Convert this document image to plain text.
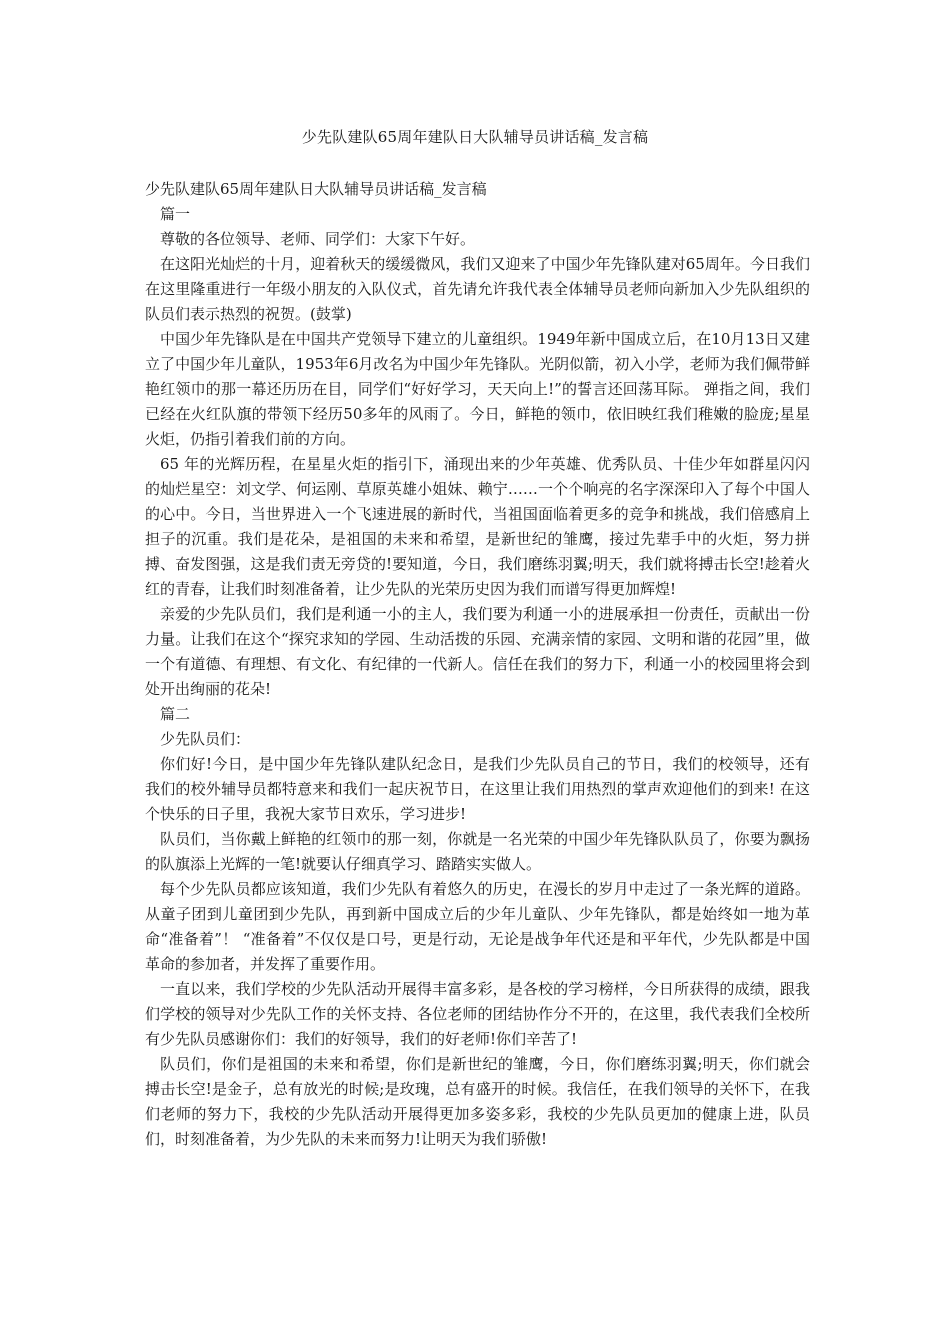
少先队建队65周年建队日大队辅导员讲话稿_发言稿

少先队建队65周年建队日大队辅导员讲话稿_发言稿

篇一

尊敬的各位领导、老师、同学们：大家下午好。

在这阳光灿烂的十月，迎着秋天的缓缓微风，我们又迎来了中国少年先锋队建对65周年。今日我们在这里隆重进行一年级小朋友的入队仪式，首先请允许我代表全体辅导员老师向新加入少先队组织的队员们表示热烈的祝贺。(鼓掌)

中国少年先锋队是在中国共产党领导下建立的儿童组织。1949年新中国成立后，在10月13日又建立了中国少年儿童队，1953年6月改名为中国少年先锋队。光阴似箭，初入小学，老师为我们佩带鲜艳红领巾的那一幕还历历在目，同学们“好好学习，天天向上!”的誓言还回荡耳际。 弹指之间，我们已经在火红队旗的带领下经历50多年的风雨了。今日，鲜艳的领巾，依旧映红我们稚嫩的脸庞;星星火炬，仍指引着我们前的方向。

65 年的光辉历程，在星星火炬的指引下，涌现出来的少年英雄、优秀队员、十佳少年如群星闪闪的灿烂星空：刘文学、何运刚、草原英雄小姐妹、赖宁……一个个响亮的名字深深印入了每个中国人的心中。今日，当世界进入一个飞速进展的新时代，当祖国面临着更多的竞争和挑战，我们倍感肩上担子的沉重。我们是花朵，是祖国的未来和希望，是新世纪的雏鹰，接过先辈手中的火炬，努力拼搏、奋发图强，这是我们责无旁贷的!要知道，今日，我们磨练羽翼;明天，我们就将搏击长空!趁着火红的青春，让我们时刻准备着，让少先队的光荣历史因为我们而谱写得更加辉煌!

亲爱的少先队员们，我们是利通一小的主人，我们要为利通一小的进展承担一份责任，贡献出一份力量。让我们在这个“探究求知的学园、生动活拨的乐园、充满亲情的家园、文明和谐的花园”里，做一个有道德、有理想、有文化、有纪律的一代新人。信任在我们的努力下，利通一小的校园里将会到处开出绚丽的花朵!

篇二

少先队员们：

你们好!今日，是中国少年先锋队建队纪念日，是我们少先队员自己的节日，我们的校领导，还有我们的校外辅导员都特意来和我们一起庆祝节日，在这里让我们用热烈的掌声欢迎他们的到来! 在这个快乐的日子里，我祝大家节日欢乐，学习进步!

队员们，当你戴上鲜艳的红领巾的那一刻，你就是一名光荣的中国少年先锋队队员了，你要为飘扬的队旗添上光辉的一笔!就要认仔细真学习、踏踏实实做人。

每个少先队员都应该知道，我们少先队有着悠久的历史，在漫长的岁月中走过了一条光辉的道路。从童子团到儿童团到少先队，再到新中国成立后的少年儿童队、少年先锋队，都是始终如一地为革命“准备着”！ “准备着”不仅仅是口号，更是行动，无论是战争年代还是和平年代，少先队都是中国革命的参加者，并发挥了重要作用。

一直以来，我们学校的少先队活动开展得丰富多彩，是各校的学习榜样，今日所获得的成绩，跟我们学校的领导对少先队工作的关怀支持、各位老师的团结协作分不开的，在这里，我代表我们全校所有少先队员感谢你们：我们的好领导，我们的好老师!你们辛苦了!

队员们，你们是祖国的未来和希望，你们是新世纪的雏鹰，今日，你们磨练羽翼;明天，你们就会搏击长空!是金子，总有放光的时候;是玫瑰，总有盛开的时候。我信任，在我们领导的关怀下，在我们老师的努力下，我校的少先队活动开展得更加多姿多彩，我校的少先队员更加的健康上进，队员们，时刻准备着，为少先队的未来而努力!让明天为我们骄傲!
